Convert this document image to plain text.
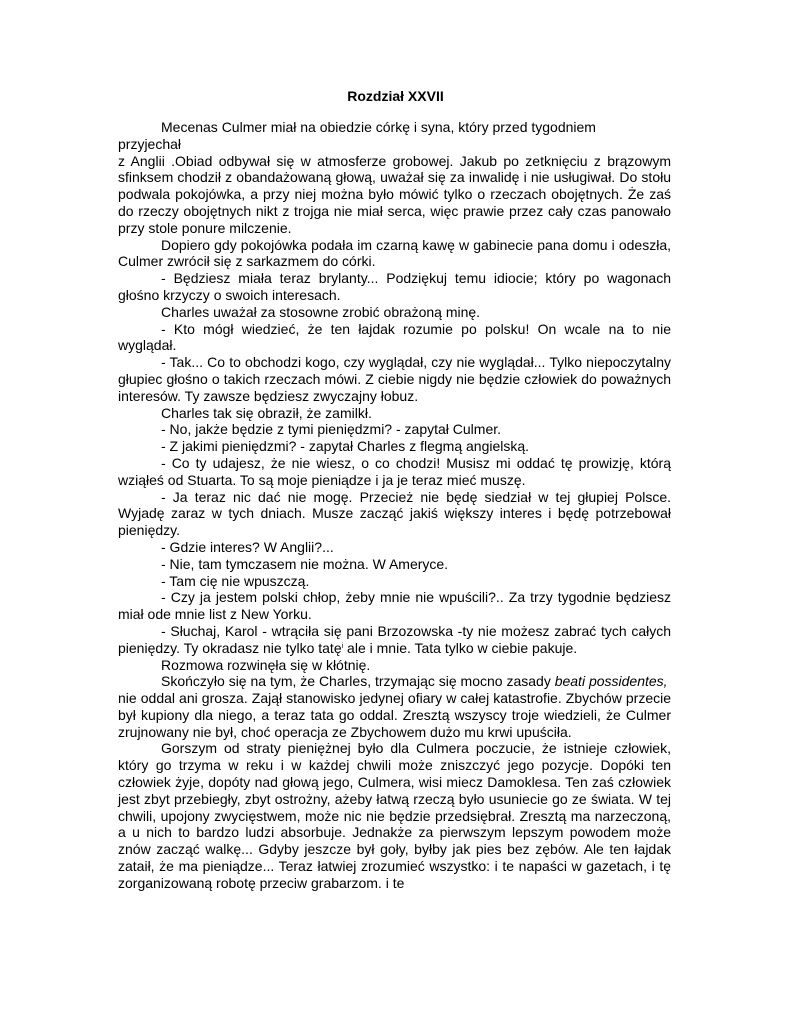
Rozdział XXVII

Mecenas Culmer miał na obiedzie córkę i syna, który przed tygodniem

przyjechał

z Anglii .Obiad odbywał się w atmosferze grobowej. Jakub po zetknięciu z brązowym sfinksem chodził z obandażowaną głową, uważał się za inwalidę i nie usługiwał. Do stołu podwala pokojówka, a przy niej można było mówić tylko o rzeczach obojętnych. Że zaś do rzeczy obojętnych nikt z trojga nie miał serca, więc prawie przez cały czas panowało przy stole ponure milczenie.

Dopiero gdy pokojówka podała im czarną kawę w gabinecie pana domu i odeszła, Culmer zwrócił się z sarkazmem do córki.

- Będziesz miała teraz brylanty... Podziękuj temu idiocie; który po wagonach głośno krzyczy o swoich interesach.

Charles uważał za stosowne zrobić obrażoną minę.

- Kto mógł wiedzieć, że ten łajdak rozumie po polsku! On wcale na to nie wyglądał.

- Tak... Co to obchodzi kogo, czy wyglądał, czy nie wyglądał... Tylko niepoczytalny głupiec głośno o takich rzeczach mówi. Z ciebie nigdy nie będzie człowiek do poważnych interesów. Ty zawsze będziesz zwyczajny łobuz.

Charles tak się obraził, że zamilkł.

- No, jakże będzie z tymi pieniędzmi? - zapytał Culmer.

- Z jakimi pieniędzmi? - zapytał Charles z flegmą angielską.

- Co ty udajesz, że nie wiesz, o co chodzi! Musisz mi oddać tę prowizję, którą wziąłeś od Stuarta. To są moje pieniądze i ja je teraz mieć muszę.

- Ja teraz nic dać nie mogę. Przecież nie będę siedział w tej głupiej Polsce. Wyjadę zaraz w tych dniach. Musze zacząć jakiś większy interes i będę potrzebował pieniędzy.

- Gdzie interes? W Anglii?...

- Nie, tam tymczasem nie można. W Ameryce.

- Tam cię nie wpuszczą.

- Czy ja jestem polski chłop, żeby mnie nie wpuścili?.. Za trzy tygodnie będziesz miał ode mnie list z New Yorku.

- Słuchaj, Karol - wtrąciła się pani Brzozowska -ty nie możesz zabrać tych całych pieniędzy. Ty okradasz nie tylko tatę$^i$ ale i mnie. Tata tylko w ciebie pakuje.

Rozmowa rozwinęła się w kłótnię.

Skończyło się na tym, że Charles, trzymając się mocno zasady beati possidentes,

nie oddal ani grosza. Zajął stanowisko jedynej ofiary w całej katastrofie. Zbychów przecie był kupiony dla niego, a teraz tata go oddal. Zresztą wszyscy troje wiedzieli, że Culmer zrujnowany nie był, choć operacja ze Zbychowem dużo mu krwi upuściła.

Gorszym od straty pieniężnej było dla Culmera poczucie, że istnieje człowiek, który go trzyma w reku i w każdej chwili może zniszczyć jego pozycje. Dopóki ten człowiek żyje, dopóty nad głową jego, Culmera, wisi miecz Damoklesa. Ten zaś człowiek jest zbyt przebiegły, zbyt ostrożny, ażeby łatwą rzeczą było usuniecie go ze świata. W tej chwili, upojony zwycięstwem, może nic nie będzie przedsiębrał. Zresztą ma narzeczoną, a u nich to bardzo ludzi absorbuje. Jednakże za pierwszym lepszym powodem może znów zacząć walkę... Gdyby jeszcze był goły, byłby jak pies bez zębów. Ale ten łajdak zataił, że ma pieniądze... Teraz łatwiej zrozumieć wszystko: i te napaści w gazetach, i tę zorganizowaną robotę przeciw grabarzom. i te
